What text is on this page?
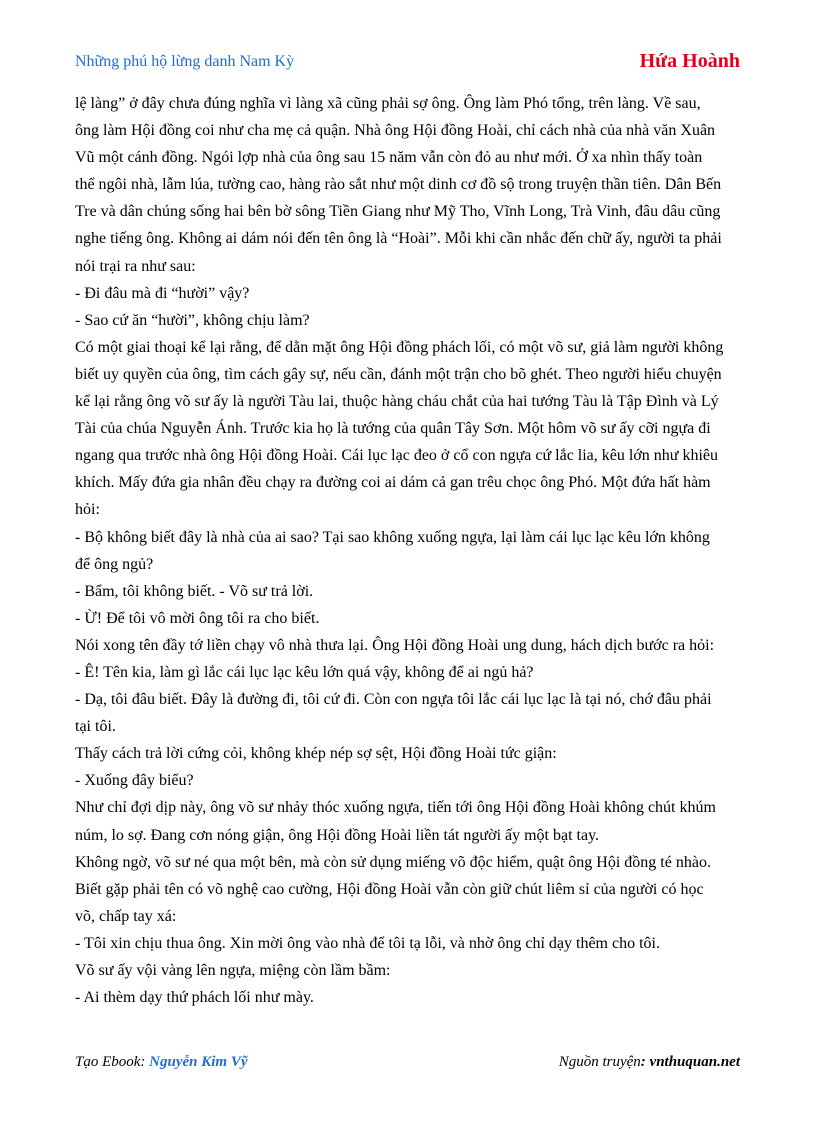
Những phú hộ lừng danh Nam Kỳ	Hứa Hoành

lệ làng” ở đây chưa đúng nghĩa vì làng xã cũng phải sợ ông. Ông làm Phó tổng, trên làng. Về sau,

ông làm Hội đồng coi như cha mẹ cả quận. Nhà ông Hội đồng Hoài, chỉ cách nhà của nhà văn Xuân

Vũ một cánh đồng. Ngói lợp nhà của ông sau 15 năm vẫn còn đỏ au như mới. Ở xa nhìn thấy toàn

thể ngôi nhà, lẫm lúa, tường cao, hàng rào sắt như một dinh cơ đồ sộ trong truyện thần tiên. Dân Bến

Tre và dân chúng sống hai bên bờ sông Tiền Giang như Mỹ Tho, Vĩnh Long, Trà Vinh, đâu dâu cũng

nghe tiếng ông. Không ai dám nói đến tên ông là “Hoài”. Mỗi khi cần nhắc đến chữ ấy, người ta phải

nói trại ra như sau:

- Đi đâu mà đi “hười” vậy?

- Sao cứ ăn “hười”, không chịu làm?

Có một giai thoại kể lại rằng, để dằn mặt ông Hội đồng phách lối, có một võ sư, giả làm người không

biết uy quyền của ông, tìm cách gây sự, nếu cần, đánh một trận cho bõ ghét. Theo người hiểu chuyện

kể lại rằng ông võ sư ấy là người Tàu lai, thuộc hàng cháu chắt của hai tướng Tàu là Tập Đình và Lý

Tài của chúa Nguyễn Ánh. Trước kia họ là tướng của quân Tây Sơn. Một hôm võ sư ấy cỡi ngựa đi

ngang qua trước nhà ông Hội đồng Hoài. Cái lục lạc đeo ở cổ con ngựa cứ lắc lia, kêu lớn như khiêu

khích. Mấy đứa gia nhân đều chạy ra đường coi ai dám cả gan trêu chọc ông Phó. Một đứa hất hàm

hỏi:

- Bộ không biết đây là nhà của ai sao? Tại sao không xuống ngựa, lại làm cái lục lạc kêu lớn không

để ông ngủ?

- Bẩm, tôi không biết. - Võ sư trả lời.

- Ừ! Để tôi vô mời ông tôi ra cho biết.

Nói xong tên đầy tớ liền chạy vô nhà thưa lại. Ông Hội đồng Hoài ung dung, hách dịch bước ra hỏi:

- Ê! Tên kia, làm gì lắc cái lục lạc kêu lớn quá vậy, không để ai ngủ hả?

- Dạ, tôi đâu biết. Đây là đường đi, tôi cứ đi. Còn con ngựa tôi lắc cái lục lạc là tại nó, chớ đâu phải

tại tôi.

Thấy cách trả lời cứng cỏi, không khép nép sợ sệt, Hội đồng Hoài tức giận:

- Xuống đây biểu?

Như chỉ đợi dịp này, ông võ sư nhảy thóc xuống ngựa, tiến tới ông Hội đồng Hoài không chút khúm

núm, lo sợ. Đang cơn nóng giận, ông Hội đồng Hoài liền tát người ấy một bạt tay.

Không ngờ, võ sư né qua một bên, mà còn sử dụng miếng võ độc hiểm, quật ông Hội đồng té nhào.

Biết gặp phải tên có võ nghệ cao cường, Hội đồng Hoài vẫn còn giữ chút liêm sỉ của người có học

võ, chấp tay xá:

- Tôi xin chịu thua ông. Xin mời ông vào nhà để tôi tạ lỗi, và nhờ ông chỉ dạy thêm cho tôi.

Võ sư ấy vội vàng lên ngựa, miệng còn lầm bầm:

- Ai thèm dạy thứ phách lối như mày.

Tạo Ebook: Nguyễn Kim Vỹ	Nguồn truyện: vnthuquan.net
